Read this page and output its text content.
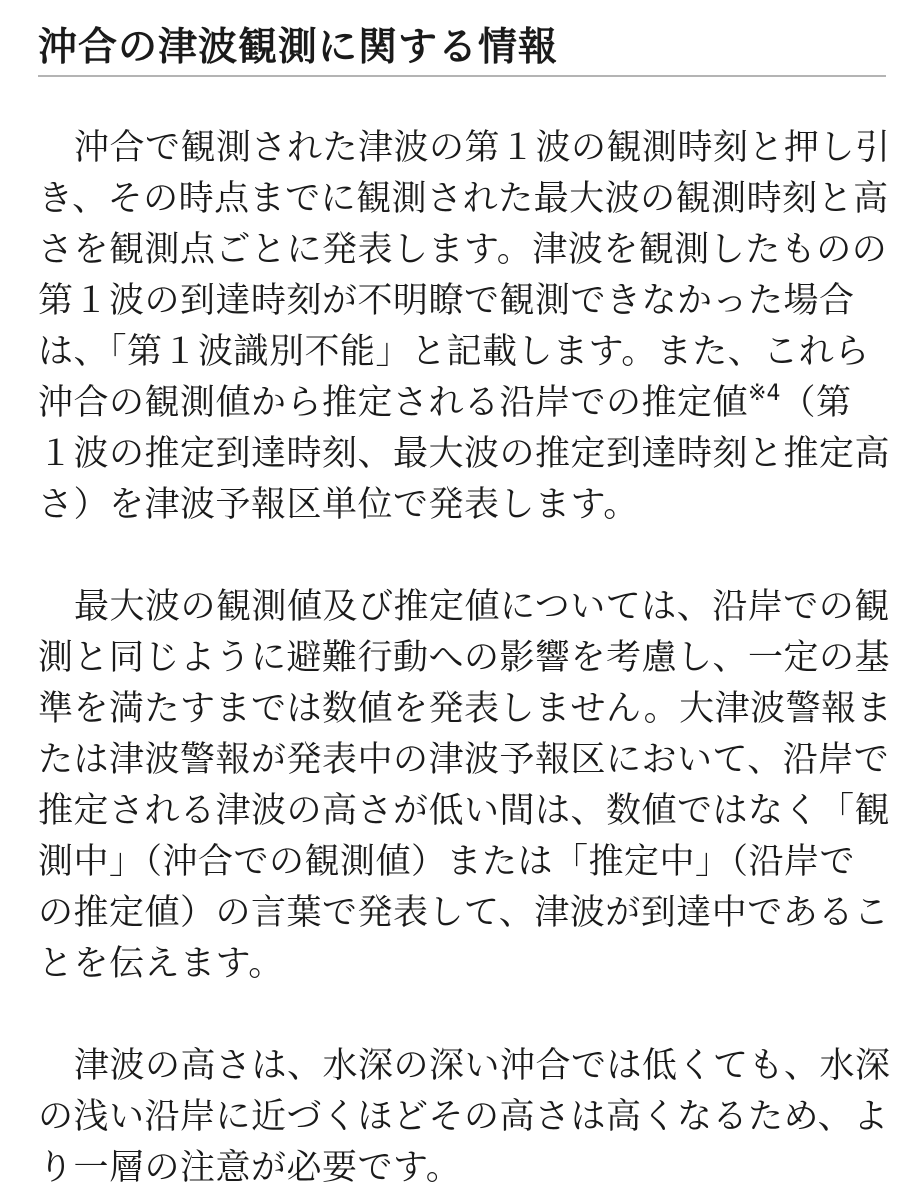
沖合の津波観測に関する情報
沖合で観測された津波の第１波の観測時刻と押し引
き、その時点までに観測された最大波の観測時刻と高
さを観測点ごとに発表します。津波を観測したものの
第１波の到達時刻が不明瞭で観測できなかった場合
は、「第１波識別不能」と記載します。また、これら
沖合の観測値から推定される沿岸での推定値$^{※4}$（第
１波の推定到達時刻、最大波の推定到達時刻と推定高
さ）を津波予報区単位で発表します。
最大波の観測値及び推定値については、沿岸での観
測と同じように避難行動への影響を考慮し、一定の基
準を満たすまでは数値を発表しません。大津波警報ま
たは津波警報が発表中の津波予報区において、沿岸で
推定される津波の高さが低い間は、数値ではなく「観
測中」（沖合での観測値）または「推定中」（沿岸で
の推定値）の言葉で発表して、津波が到達中であるこ
とを伝えます。
津波の高さは、水深の深い沖合では低くても、水深
の浅い沿岸に近づくほどその高さは高くなるため、よ
り一層の注意が必要です。
